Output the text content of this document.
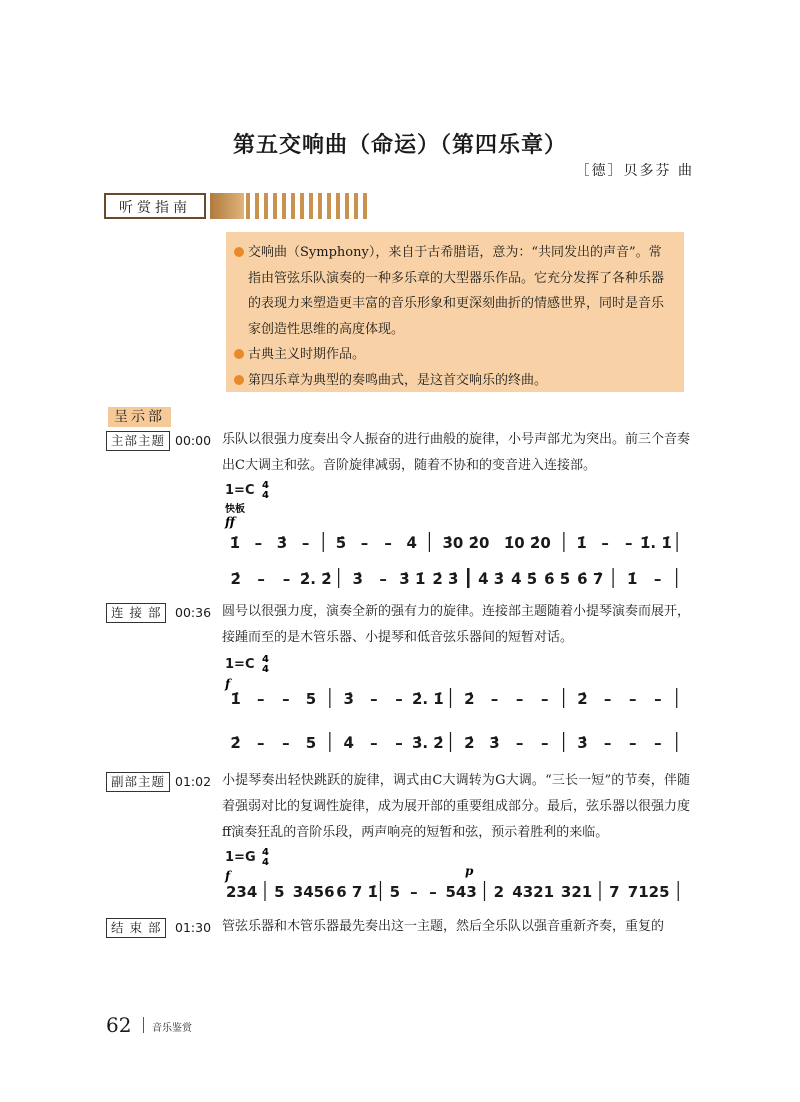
第五交响曲（命运）（第四乐章）
［德］贝多芬 曲
听赏指南
交响曲（Symphony），来自于古希腊语，意为：“共同发出的声音”。常指由管弦乐队演奏的一种多乐章的大型器乐作品。它充分发挥了各种乐器的表现力来塑造更丰富的音乐形象和更深刻曲折的情感世界，同时是音乐家创造性思维的高度体现。
古典主义时期作品。
第四乐章为典型的奏鸣曲式，是这首交响乐的终曲。
呈示部
主部主题 00:00 乐队以很强力度奏出令人振奋的进行曲般的旋律，小号声部尤为突出。前三个音奏出C大调主和弦。音阶旋律减弱，随着不协和的变音进入连接部。
1=C 4
4
快板
ff
1̇ – 3̇ – 5̇ – – 4̇ 3̇0 2̇0 1̇0 2̇0 1̇ – – 1̇. 1̇
2̇ – – 2̇. 2̇ 3̇ – 3̇ 1̇ 2̇ 3̇ 4̇ 3̇ 4̇ 5̇ 6̇ 5̇ 6̇ 7̇ 1̇ –
连 接 部	00:36 圆号以很强力度，演奏全新的强有力的旋律。连接部主题随着小提琴演奏而展开，接踵而至的是木管乐器、小提琴和低音弦乐器间的短暂对话。
1=C 4
4
f
1̇ – – 5 3̇ – – 2̇. 1̇ 2̇ – – – 2̇ – – –
2̇ – – 5 4̇ – – 3̇. 2̇ 2̇ 3̇ – – 3̇ – – –
副部主题 01:02 小提琴奏出轻快跳跃的旋律，调式由C大调转为G大调。“三长一短”的节奏，伴随着强弱对比的复调性旋律，成为展开部的重要组成部分。最后，弦乐器以很强力度ff演奏狂乱的音阶乐段，两声响亮的短暂和弦，预示着胜利的来临。
1=G 4
4
f	p
234 5 3456 6 7 1̇ 5 – – 543 2 4321 321 7 7125
结 束 部	01:30 管弦乐器和木管乐器最先奏出这一主题，然后全乐队以强音重新齐奏，重复的
62 音乐鉴赏
